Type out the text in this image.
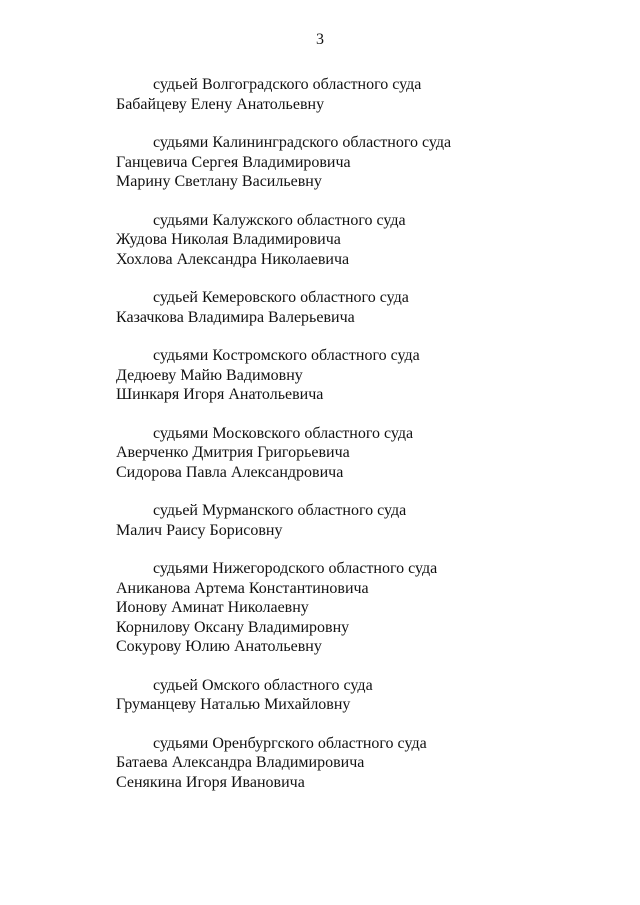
3
судьей Волгоградского областного суда
Бабайцеву Елену Анатольевну
судьями Калининградского областного суда
Ганцевича Сергея Владимировича
Марину Светлану Васильевну
судьями Калужского областного суда
Жудова Николая Владимировича
Хохлова Александра Николаевича
судьей Кемеровского областного суда
Казачкова Владимира Валерьевича
судьями Костромского областного суда
Дедюеву Майю Вадимовну
Шинкаря Игоря Анатольевича
судьями Московского областного суда
Аверченко Дмитрия Григорьевича
Сидорова Павла Александровича
судьей Мурманского областного суда
Малич Раису Борисовну
судьями Нижегородского областного суда
Аниканова Артема Константиновича
Ионову Аминат Николаевну
Корнилову Оксану Владимировну
Сокурову Юлию Анатольевну
судьей Омского областного суда
Груманцеву Наталью Михайловну
судьями Оренбургского областного суда
Батаева Александра Владимировича
Сенякина Игоря Ивановича
